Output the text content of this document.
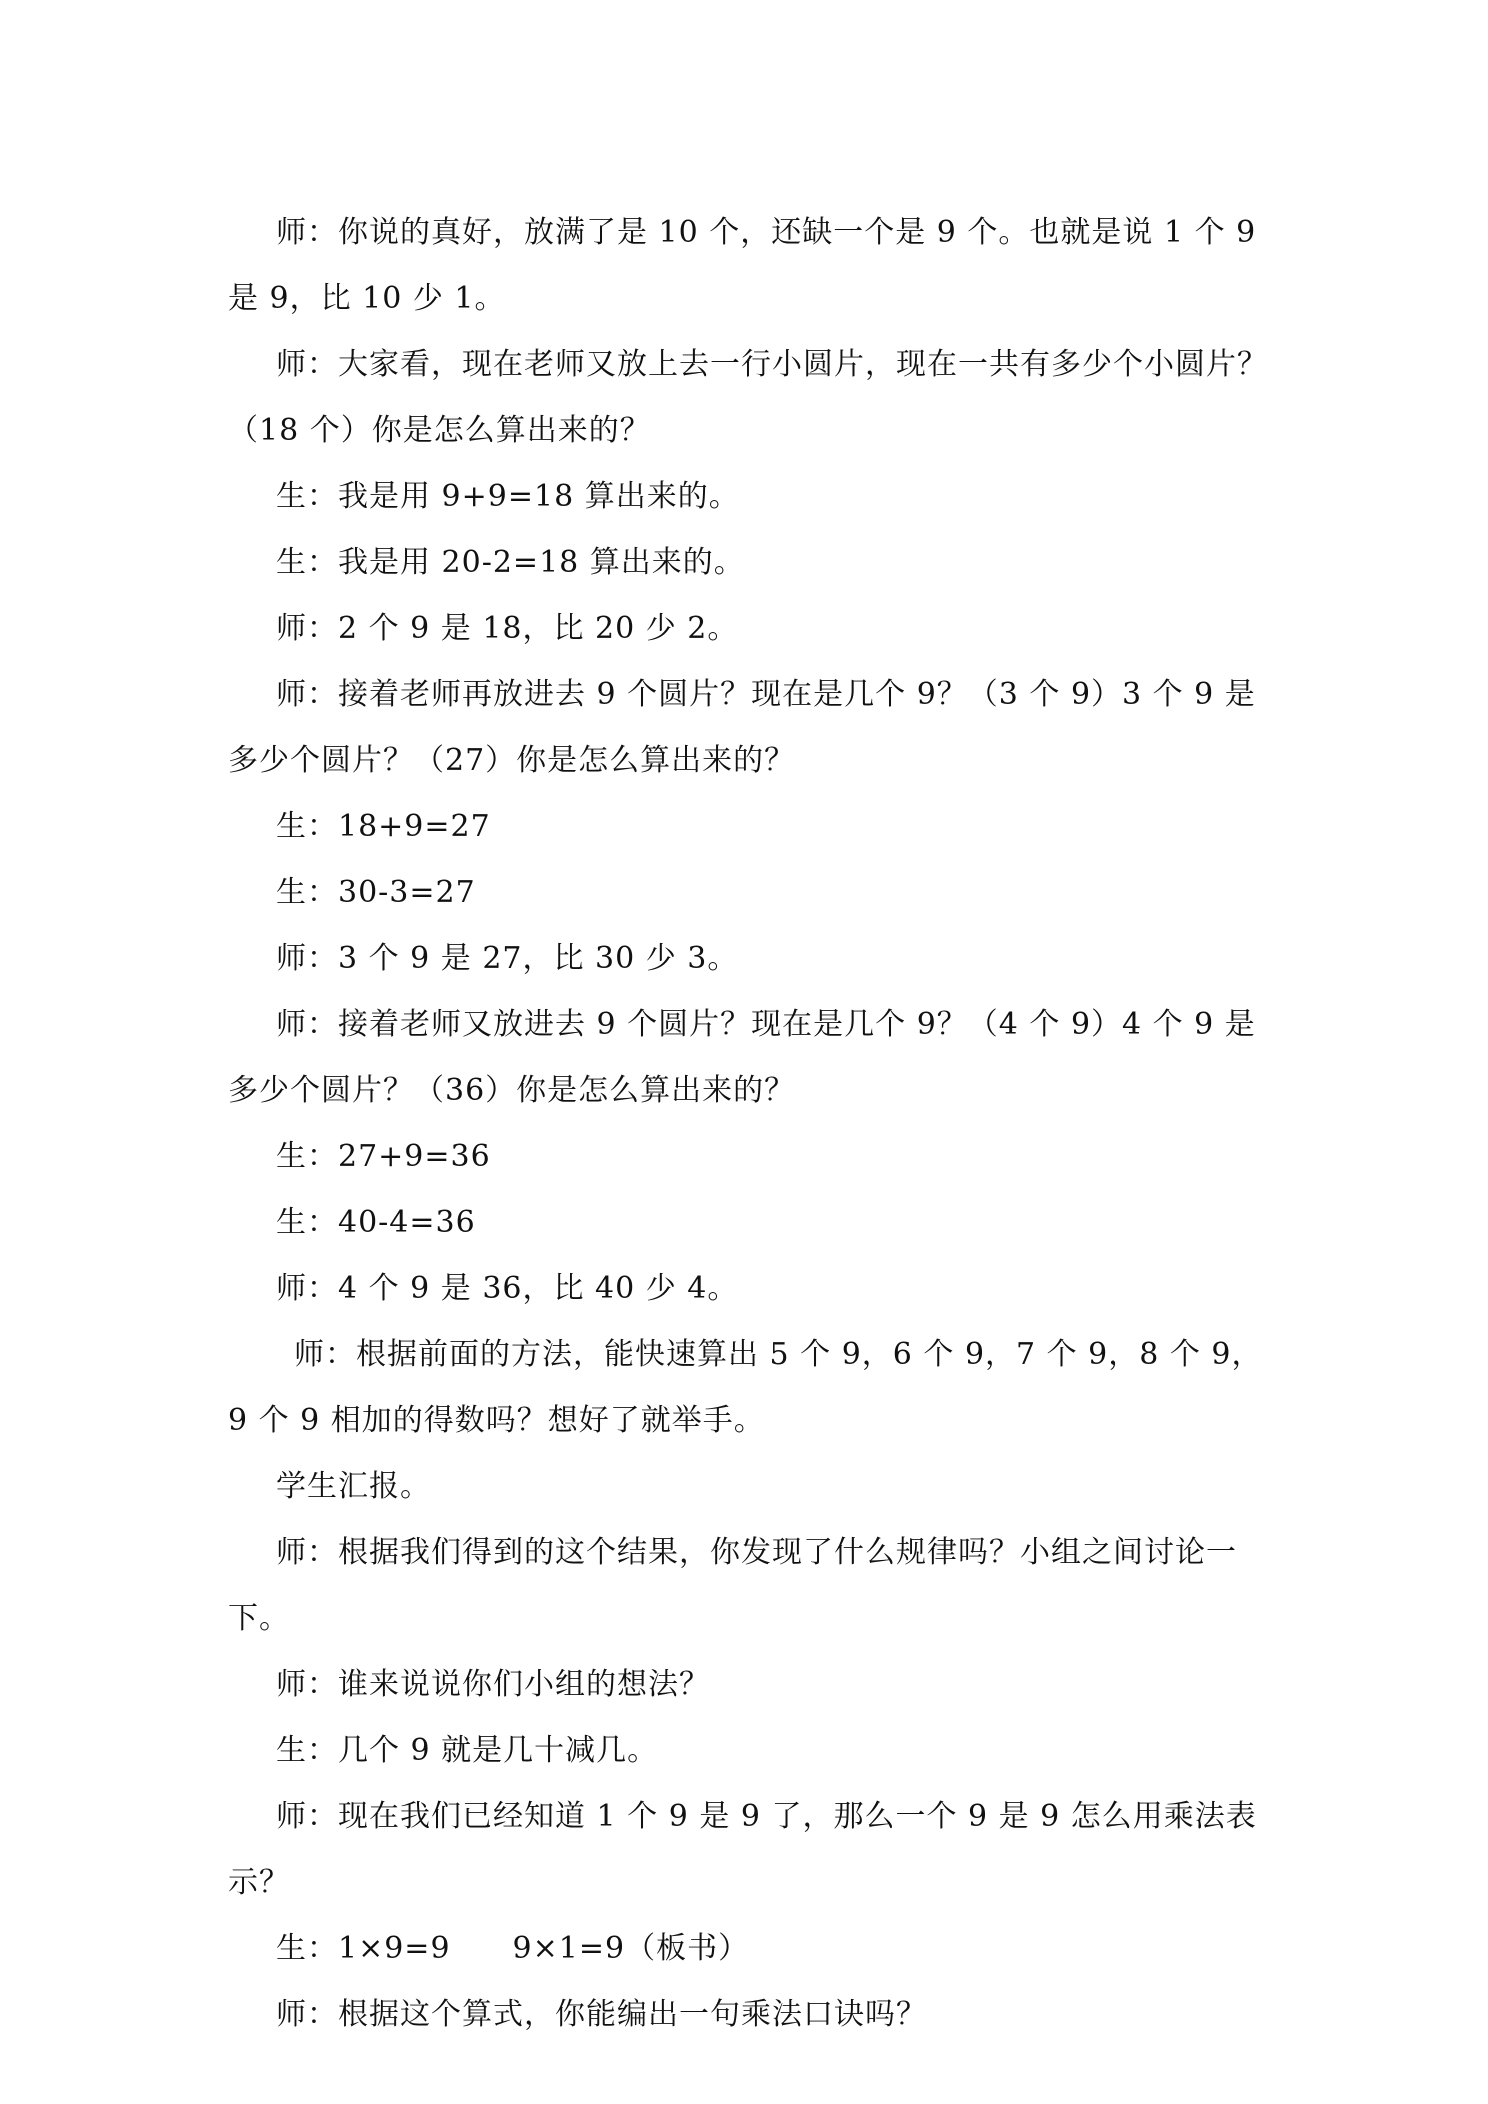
师：你说的真好，放满了是 10 个，还缺一个是 9 个。也就是说 1 个 9 是 9，比 10 少 1。

师：大家看，现在老师又放上去一行小圆片，现在一共有多少个小圆片？（18 个）你是怎么算出来的？

生：我是用 9+9=18 算出来的。

生：我是用 20-2=18 算出来的。

师：2 个 9 是 18，比 20 少 2。

师：接着老师再放进去 9 个圆片？现在是几个 9？（3 个 9）3 个 9 是多少个圆片？（27）你是怎么算出来的？

生：18+9=27

生：30-3=27

师：3 个 9 是 27，比 30 少 3。

师：接着老师又放进去 9 个圆片？现在是几个 9？（4 个 9）4 个 9 是多少个圆片？（36）你是怎么算出来的？

生：27+9=36

生：40-4=36

师：4 个 9 是 36，比 40 少 4。

师：根据前面的方法，能快速算出 5 个 9，6 个 9，7 个 9，8 个 9，9 个 9 相加的得数吗？想好了就举手。

学生汇报。

师：根据我们得到的这个结果，你发现了什么规律吗？小组之间讨论一下。

师：谁来说说你们小组的想法？

生：几个 9 就是几十减几。

师：现在我们已经知道 1 个 9 是 9 了，那么一个 9 是 9 怎么用乘法表示？

生：1×9=9　　9×1=9（板书）

师：根据这个算式，你能编出一句乘法口诀吗？
